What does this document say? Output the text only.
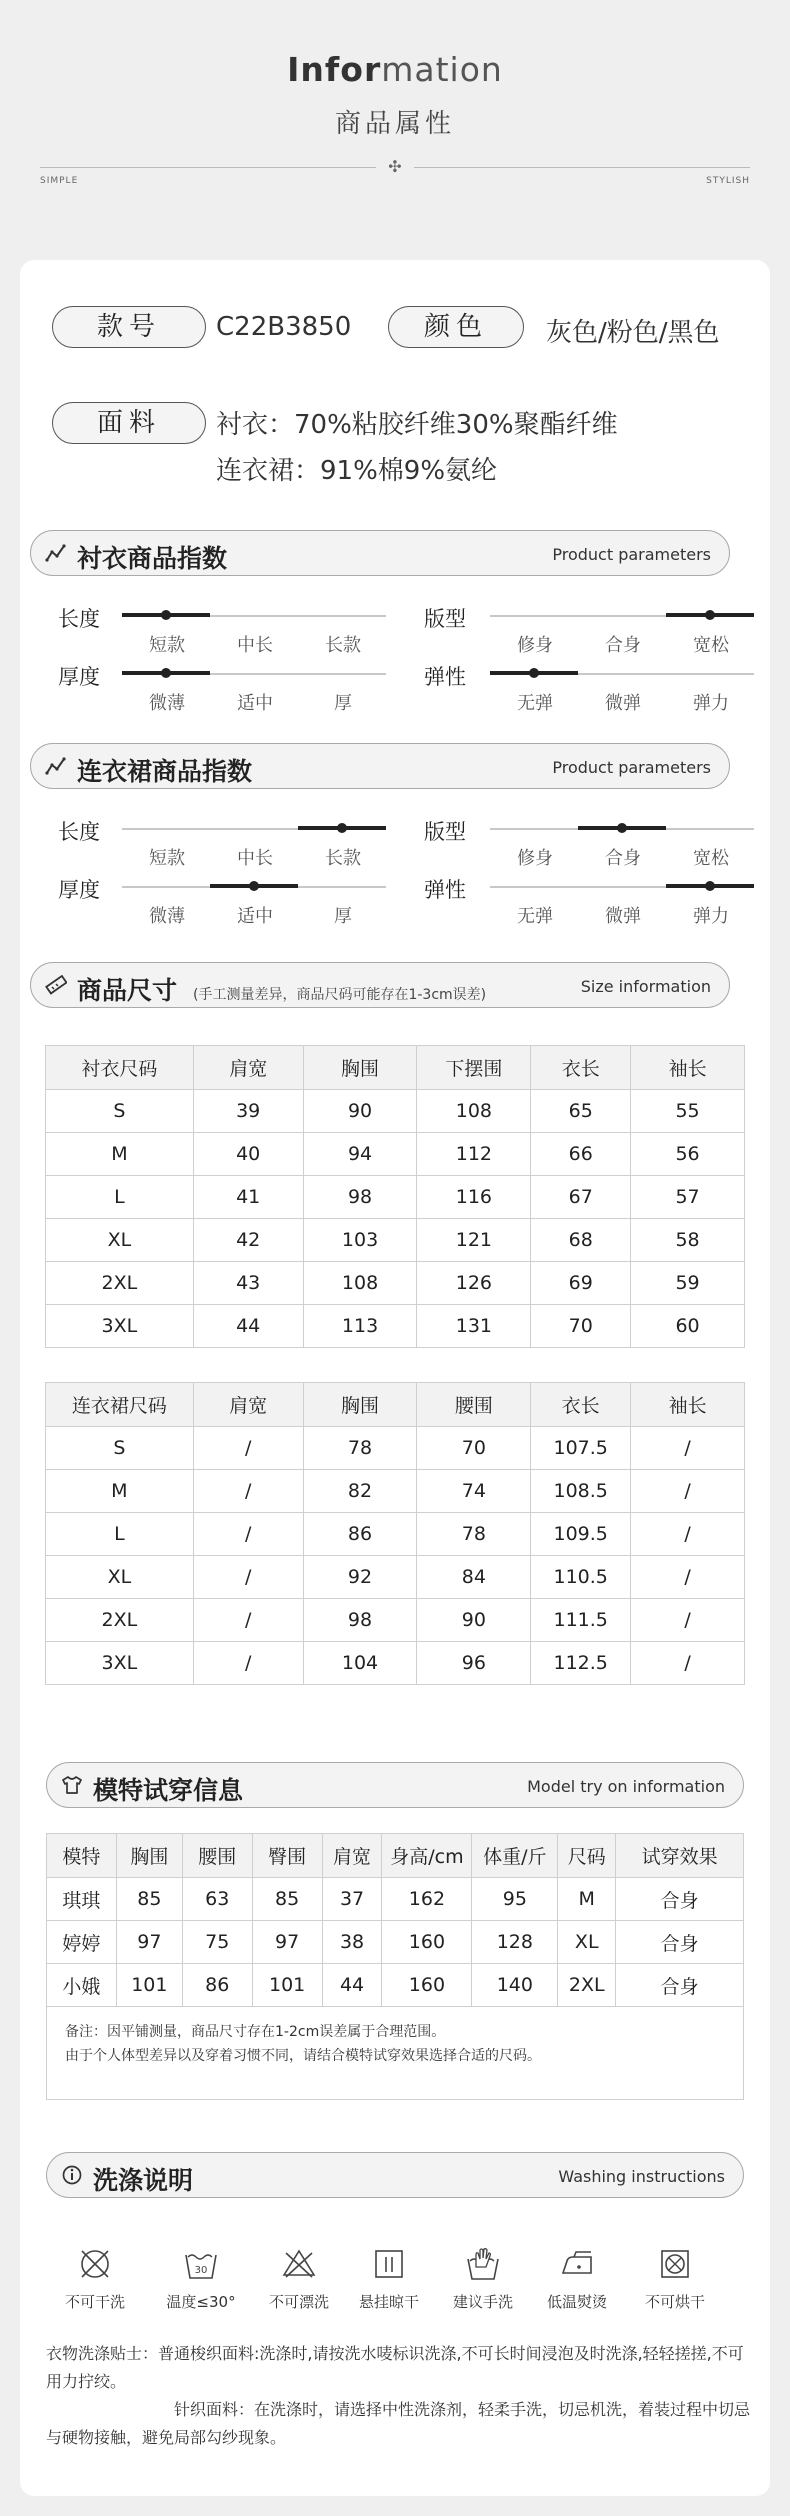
Information
商品属性
✣
SIMPLE	STYLISH
款号	C22B3850	颜色	灰色/粉色/黑色
面料	衬衣：70%粘胶纤维30%聚酯纤维
连衣裙：91%棉9%氨纶
衬衣商品指数	Product parameters
长度
短款	中长	长款
版型
修身	合身	宽松
厚度
微薄	适中	厚
弹性
无弹	微弹	弹力
连衣裙商品指数	Product parameters
长度
短款	中长	长款
版型
修身	合身	宽松
厚度
微薄	适中	厚
弹性
无弹	微弹	弹力
商品尺寸 (手工测量差异，商品尺码可能存在1-3cm误差)	Size information
衬衣尺码	肩宽	胸围	下摆围	衣长	袖长
S	39	90	108	65	55
M	40	94	112	66	56
L	41	98	116	67	57
XL	42	103	121	68	58
2XL	43	108	126	69	59
3XL	44	113	131	70	60
连衣裙尺码	肩宽	胸围	腰围	衣长	袖长
S	/	78	70	107.5	/
M	/	82	74	108.5	/
L	/	86	78	109.5	/
XL	/	92	84	110.5	/
2XL	/	98	90	111.5	/
3XL	/	104	96	112.5	/
模特试穿信息	Model try on information
模特	胸围	腰围	臀围	肩宽	身高/cm	体重/斤	尺码	试穿效果
琪琪	85	63	85	37	162	95	M	合身
婷婷	97	75	97	38	160	128	XL	合身
小娥	101	86	101	44	160	140	2XL	合身
备注：因平铺测量，商品尺寸存在1-2cm误差属于合理范围。
由于个人体型差异以及穿着习惯不同，请结合模特试穿效果选择合适的尺码。
洗涤说明	Washing instructions
不可干洗
30
温度≤30°	不可漂洗	悬挂晾干	建议手洗	低温熨烫	不可烘干
衣物洗涤贴士：普通梭织面料:洗涤时,请按洗水唛标识洗涤,不可长时间浸泡及时洗涤,轻轻搓搓,不可用力拧绞。
针织面料：在洗涤时，请选择中性洗涤剂，轻柔手洗，切忌机洗，着装过程中切忌与硬物接触，避免局部勾纱现象。
